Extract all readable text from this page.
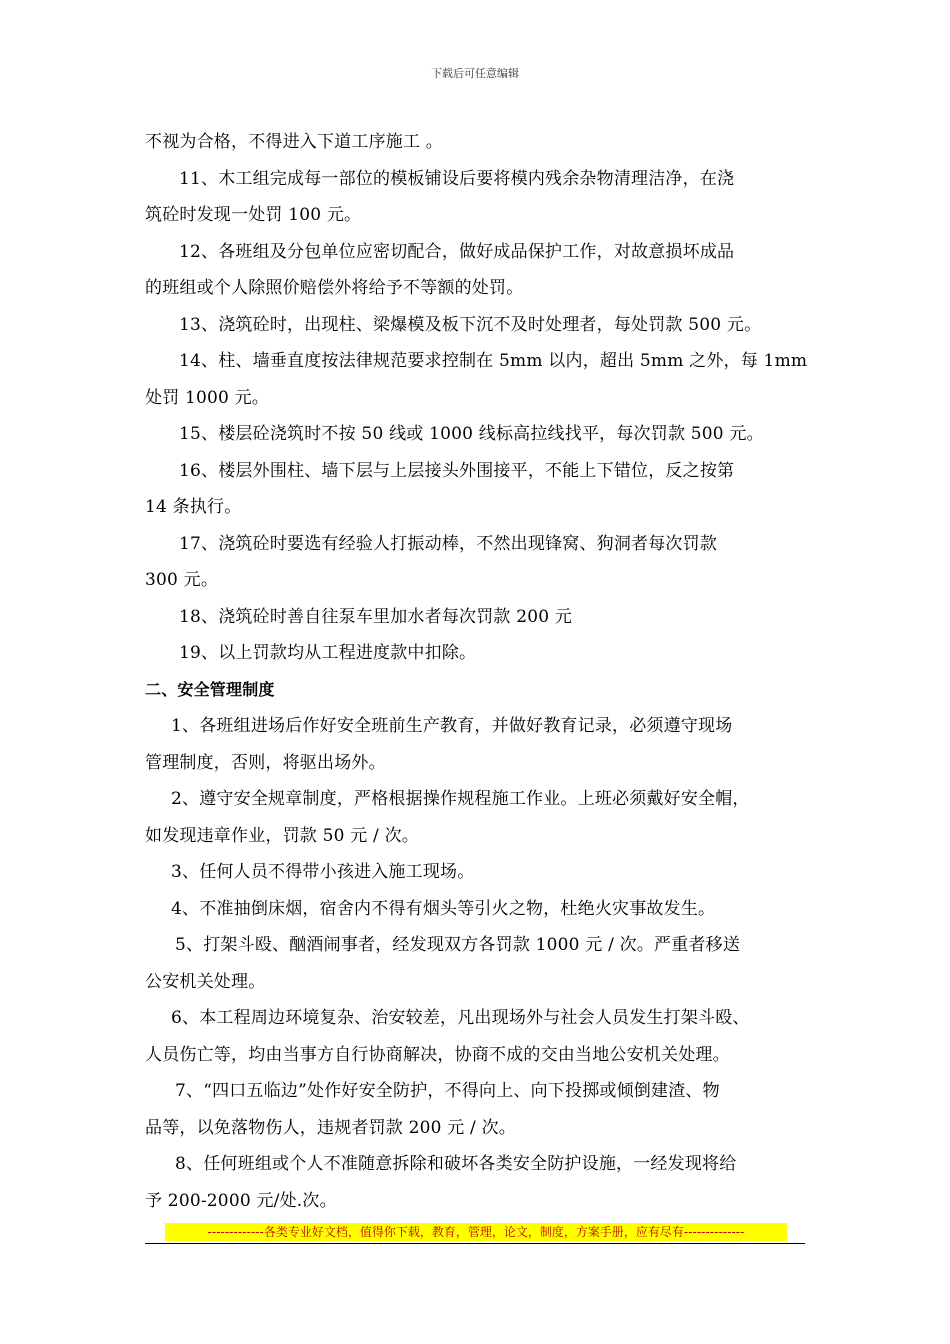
下载后可任意编辑
不视为合格，不得进入下道工序施工 。
11、木工组完成每一部位的模板铺设后要将模内残余杂物清理洁净，在浇
筑砼时发现一处罚 100 元。
12、各班组及分包单位应密切配合，做好成品保护工作，对故意损坏成品
的班组或个人除照价赔偿外将给予不等额的处罚。
13、浇筑砼时，出现柱、梁爆模及板下沉不及时处理者，每处罚款 500 元。
14、柱、墙垂直度按法律规范要求控制在 5mm 以内，超出 5mm 之外，每 1mm
处罚 1000 元。
15、楼层砼浇筑时不按 50 线或 1000 线标高拉线找平，每次罚款 500 元。
16、楼层外围柱、墙下层与上层接头外围接平，不能上下错位，反之按第
14 条执行。
17、浇筑砼时要选有经验人打振动棒，不然出现锋窝、狗洞者每次罚款
300 元。
18、浇筑砼时善自往泵车里加水者每次罚款 200 元
19、以上罚款均从工程进度款中扣除。
二、安全管理制度
1、各班组进场后作好安全班前生产教育，并做好教育记录，必须遵守现场
管理制度，否则，将驱出场外。
2、遵守安全规章制度，严格根据操作规程施工作业。上班必须戴好安全帽，
如发现违章作业，罚款 50 元 / 次。
3、任何人员不得带小孩进入施工现场。
4、不准抽倒床烟，宿舍内不得有烟头等引火之物，杜绝火灾事故发生。
5、打架斗殴、酗酒闹事者，经发现双方各罚款 1000 元 / 次。严重者移送
公安机关处理。
6、本工程周边环境复杂、治安较差，凡出现场外与社会人员发生打架斗殴、
人员伤亡等，均由当事方自行协商解决，协商不成的交由当地公安机关处理。
7、“四口五临边”处作好安全防护，不得向上、向下投掷或倾倒建渣、物
品等，以免落物伤人，违规者罚款 200 元 / 次。
8、任何班组或个人不准随意拆除和破坏各类安全防护设施，一经发现将给
予 200-2000 元/处.次。
-------------各类专业好文档，值得你下载，教育，管理，论文，制度，方案手册，应有尽有--------------
